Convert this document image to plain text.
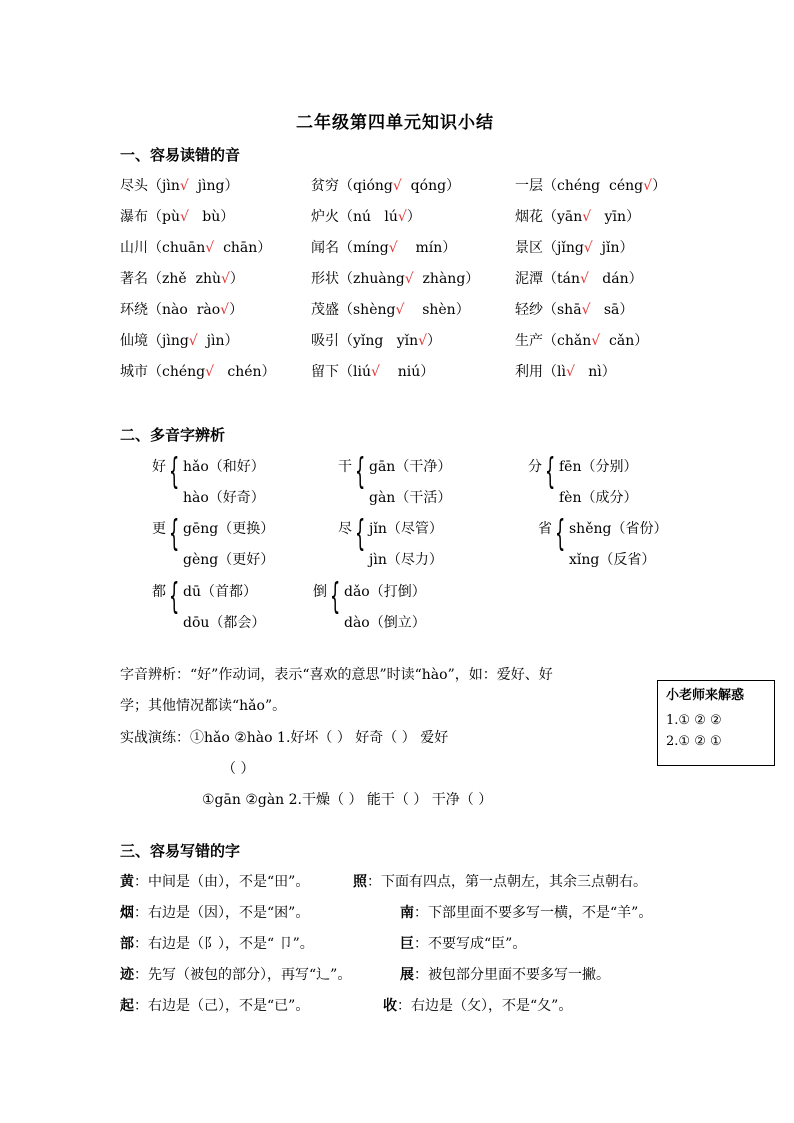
二年级第四单元知识小结
一、容易读错的音
尽头（jìn√  jìng）	贫穷（qióng√  qóng）	一层（chéng  céng√）
瀑布（pù√   bù）	炉火（nú   lú√）	烟花（yān√   yīn）
山川（chuān√  chān）	闻名（míng√    mín）	景区（jǐng√  jǐn）
著名（zhě  zhù√）	形状（zhuàng√  zhàng）	泥潭（tán√   dán）
环绕（nào  rào√）	茂盛（shèng√    shèn）	轻纱（shā√   sā）
仙境（jìng√  jìn）	吸引（yǐng   yǐn√）	生产（chǎn√  cǎn）
城市（chéng√   chén）	留下（liú√    niú）	利用（lì√   nì）
二、多音字辨析
好 { hǎo（和好）
hào（好奇）
干 { gān（干净）
gàn（干活）
分 { fēn（分别）
fèn（成分）
更 { gēng（更换）
gèng（更好）
尽 { jǐn（尽管）
jìn（尽力）
省 { shěng（省份）
xǐng（反省）
都 { dū（首都）
dōu（都会）
倒 { dǎo（打倒）
dào（倒立）
字音辨析：“好”作动词，表示“喜欢的意思”时读“hào”，如：爱好、好
学；其他情况都读“hǎo”。
实战演练：①hǎo ②hào 1.好坏（ ） 好奇（ ） 爱好
（ ）
①gān ②gàn 2.干燥（ ） 能干（ ） 干净（ ）
小老师来解惑
1.① ② ②
2.① ② ①
三、容易写错的字
黄：中间是（由），不是“田”。	照：下面有四点，第一点朝左，其余三点朝右。
烟：右边是（因），不是“困”。	南：下部里面不要多写一横，不是“羊”。
部：右边是（阝），不是“ 卩”。	巨：不要写成“臣”。
迹：先写（被包的部分），再写“辶”。	展：被包部分里面不要多写一撇。
起：右边是（己），不是“已”。	收：右边是（攵），不是“夂”。
